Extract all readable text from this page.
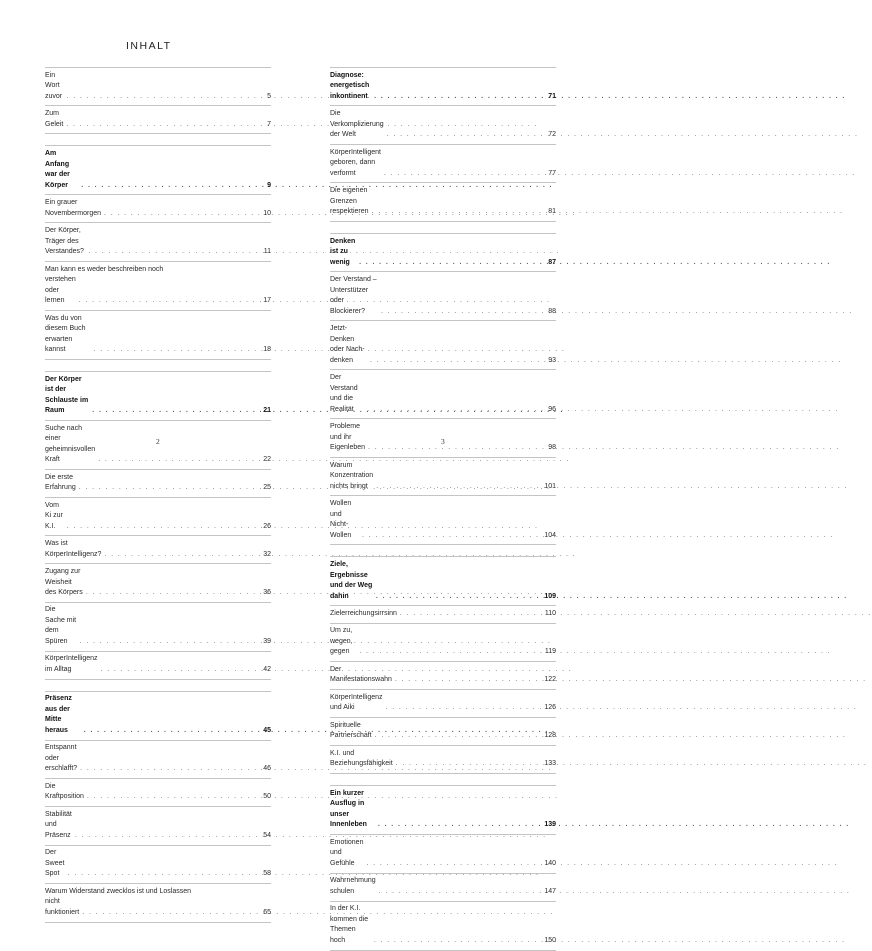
INHALT
Ein Wort zuvor . . .	5
Zum Geleit . . .	7
Am Anfang war der Körper . . .	9
Ein grauer Novembermorgen . . .	10
Der Körper, Träger des Verstandes? . . .	11
Man kann es weder beschreiben noch
verstehen oder lernen . . .	17
Was du von diesem Buch erwarten kannst . . .	18
Der Körper ist der Schlauste im Raum . . .	21
Suche nach einer geheimnisvollen Kraft . . .	22
Die erste Erfahrung . . .	25
Vom Ki zur K.I. . . .	26
Was ist KörperIntelligenz? . . .	32
Zugang zur Weisheit des Körpers . . .	36
Die Sache mit dem Spüren . . .	39
KörperIntelligenz im Alltag . . .	42
Präsenz aus der Mitte heraus . . .	45
Entspannt oder erschlafft? . . .	46
Die Kraftposition . . .	50
Stabilität und Präsenz . . .	54
Der Sweet Spot . . .	58
Warum Widerstand zwecklos ist und Loslassen
nicht funktioniert . . .	65
Diagnose: energetisch inkontinent . . .	71
Die Verkomplizierung der Welt . . .	72
KörperIntelligent geboren, dann verformt . . .	77
Die eigenen Grenzen respektieren . . .	81
Denken ist zu wenig . . .	87
Der Verstand – Unterstützer oder Blockierer? . . .	88
Jetzt-Denken oder Nach-denken . . .	93
Der Verstand und die Realität . . .	96
Probleme und ihr Eigenleben . . .	98
Warum Konzentration nichts bringt . . .	101
Wollen und Nicht-Wollen . . .	104
Ziele, Ergebnisse und der Weg dahin . . .	109
Zielerreichungsirrsinn . . .	110
Um zu, wegen, gegen . . .	119
Der Manifestationswahn . . .	122
KörperIntelligenz und Aiki . . .	126
Spirituelle Partnerschaft . . .	128
K.I. und Beziehungsfähigkeit . . .	133
Ein kurzer Ausflug in unser Innenleben . . .	139
Emotionen und Gefühle . . .	140
Wahrnehmung schulen . . .	147
In der K.I. kommen die Themen hoch . . .	150
2	3
